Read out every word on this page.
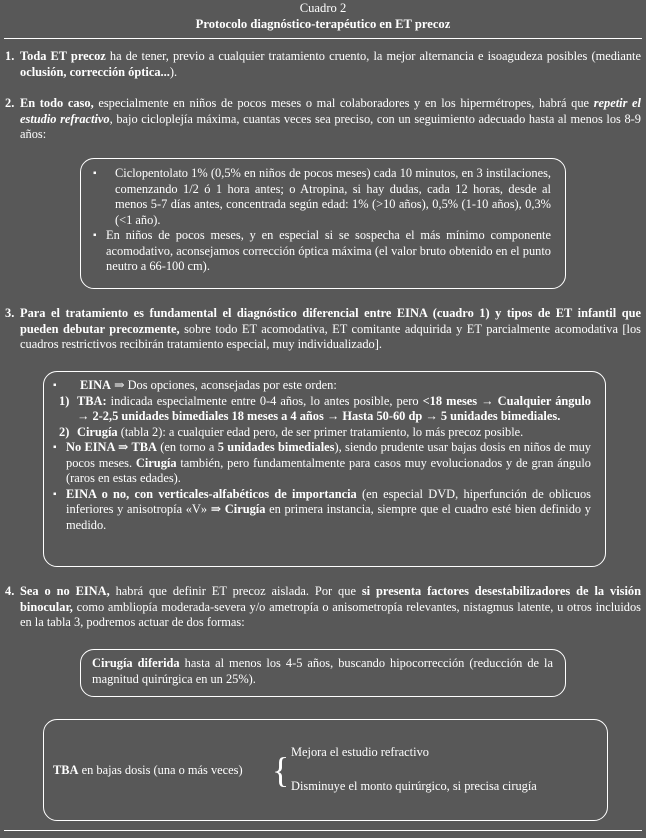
Cuadro 2
Protocolo diagnóstico-terapéutico en ET precoz
1. Toda ET precoz ha de tener, previo a cualquier tratamiento cruento, la mejor alternancia e isoagudeza posibles (mediante oclusión, corrección óptica...).
2. En todo caso, especialmente en niños de pocos meses o mal colaboradores y en los hipermétropes, habrá que repetir el estudio refractivo, bajo cicloplejía máxima, cuantas veces sea preciso, con un seguimiento adecuado hasta al menos los 8-9 años:
▪ Ciclopentolato 1% (0,5% en niños de pocos meses) cada 10 minutos, en 3 instilaciones, comenzando 1/2 ó 1 hora antes; o Atropina, si hay dudas, cada 12 horas, desde al menos 5-7 días antes, concentrada según edad: 1% (>10 años), 0,5% (1-10 años), 0,3% (<1 año).
▪ En niños de pocos meses, y en especial si se sospecha el más mínimo componente acomodativo, aconsejamos corrección óptica máxima (el valor bruto obtenido en el punto neutro a 66-100 cm).
3. Para el tratamiento es fundamental el diagnóstico diferencial entre EINA (cuadro 1) y tipos de ET infantil que pueden debutar precozmente, sobre todo ET acomodativa, ET comitante adquirida y ET parcialmente acomodativa [los cuadros restrictivos recibirán tratamiento especial, muy individualizado].
▪ EINA ⇒ Dos opciones, aconsejadas por este orden:
1) TBA: indicada especialmente entre 0-4 años, lo antes posible, pero <18 meses → Cualquier ángulo → 2-2,5 unidades bimediales 18 meses a 4 años → Hasta 50-60 dp → 5 unidades bimediales.
2) Cirugía (tabla 2): a cualquier edad pero, de ser primer tratamiento, lo más precoz posible.
▪ No EINA ⇒ TBA (en torno a 5 unidades bimediales), siendo prudente usar bajas dosis en niños de muy pocos meses. Cirugía también, pero fundamentalmente para casos muy evolucionados y de gran ángulo (raros en estas edades).
▪ EINA o no, con verticales-alfabéticos de importancia (en especial DVD, hiperfunción de oblicuos inferiores y anisotropía «V» ⇒ Cirugía en primera instancia, siempre que el cuadro esté bien definido y medido.
4. Sea o no EINA, habrá que definir ET precoz aislada. Por que si presenta factores desestabilizadores de la visión binocular, como ambliopía moderada-severa y/o ametropía o anisometropía relevantes, nistagmus latente, u otros incluidos en la tabla 3, podremos actuar de dos formas:
Cirugía diferida hasta al menos los 4-5 años, buscando hipocorrección (reducción de la magnitud quirúrgica en un 25%).
TBA en bajas dosis (una o más veces) { Mejora el estudio refractivo
Disminuye el monto quirúrgico, si precisa cirugía
